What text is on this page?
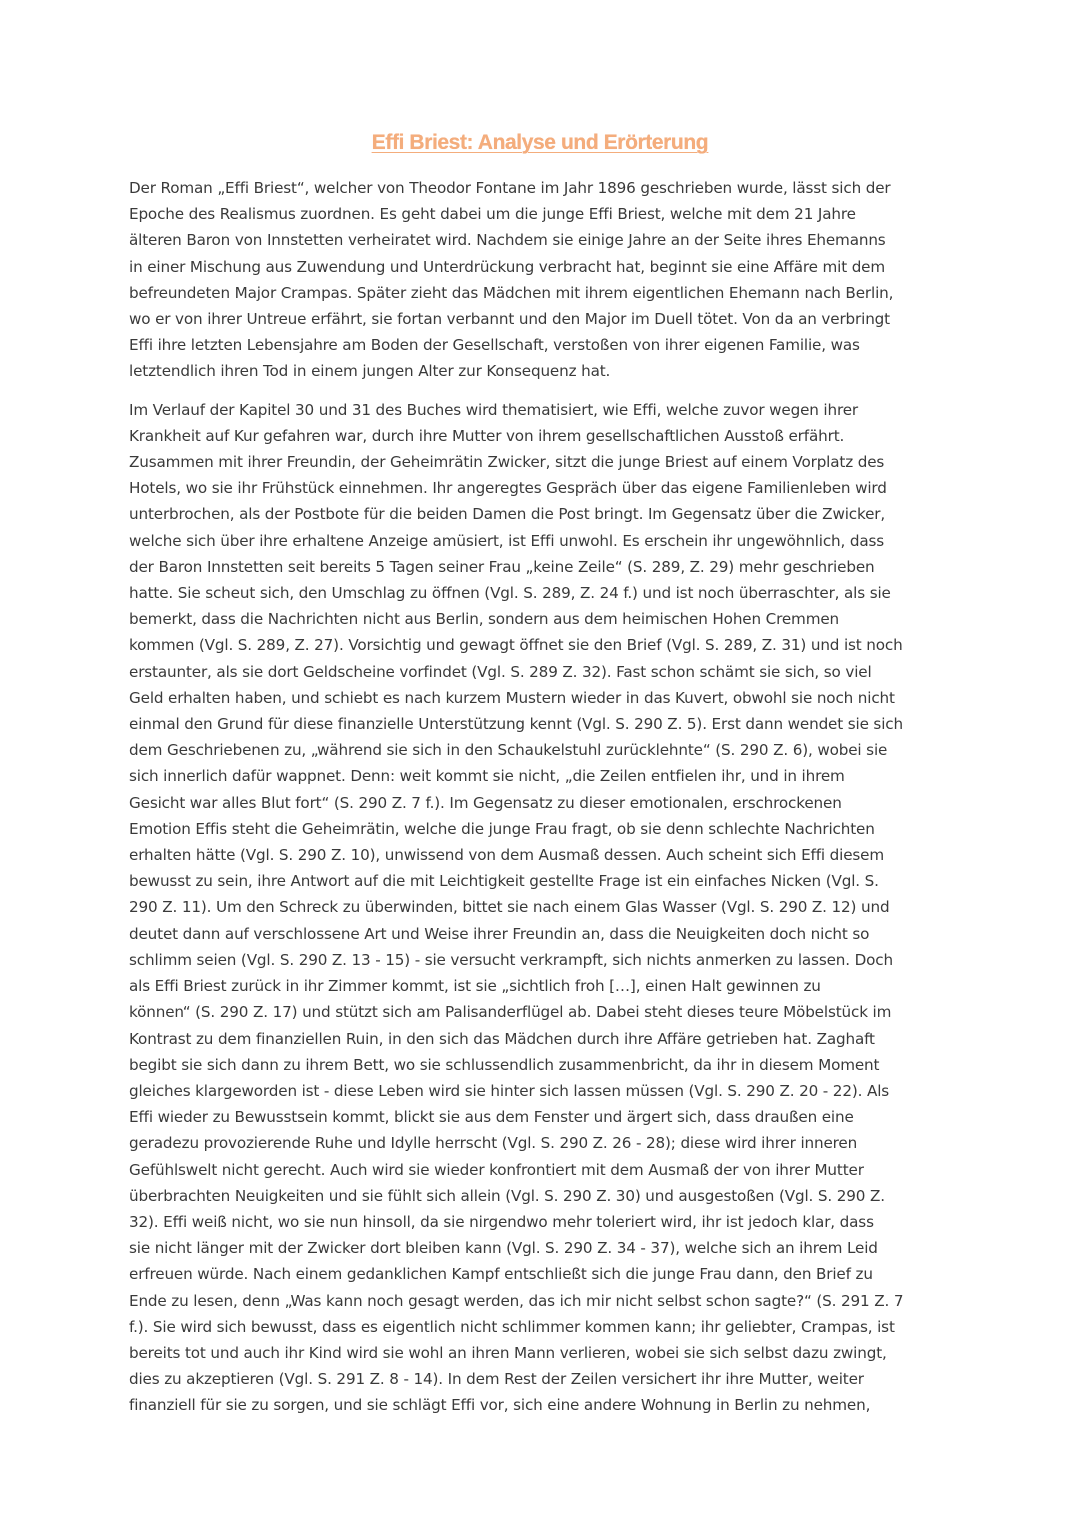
Effi Briest: Analyse und Erörterung
Der Roman „Effi Briest“, welcher von Theodor Fontane im Jahr 1896 geschrieben wurde, lässt sich der
Epoche des Realismus zuordnen. Es geht dabei um die junge Effi Briest, welche mit dem 21 Jahre
älteren Baron von Innstetten verheiratet wird. Nachdem sie einige Jahre an der Seite ihres Ehemanns
in einer Mischung aus Zuwendung und Unterdrückung verbracht hat, beginnt sie eine Affäre mit dem
befreundeten Major Crampas. Später zieht das Mädchen mit ihrem eigentlichen Ehemann nach Berlin,
wo er von ihrer Untreue erfährt, sie fortan verbannt und den Major im Duell tötet. Von da an verbringt
Effi ihre letzten Lebensjahre am Boden der Gesellschaft, verstoßen von ihrer eigenen Familie, was
letztendlich ihren Tod in einem jungen Alter zur Konsequenz hat.
Im Verlauf der Kapitel 30 und 31 des Buches wird thematisiert, wie Effi, welche zuvor wegen ihrer
Krankheit auf Kur gefahren war, durch ihre Mutter von ihrem gesellschaftlichen Ausstoß erfährt.
Zusammen mit ihrer Freundin, der Geheimrätin Zwicker, sitzt die junge Briest auf einem Vorplatz des
Hotels, wo sie ihr Frühstück einnehmen. Ihr angeregtes Gespräch über das eigene Familienleben wird
unterbrochen, als der Postbote für die beiden Damen die Post bringt. Im Gegensatz über die Zwicker,
welche sich über ihre erhaltene Anzeige amüsiert, ist Effi unwohl. Es erschein ihr ungewöhnlich, dass
der Baron Innstetten seit bereits 5 Tagen seiner Frau „keine Zeile“ (S. 289, Z. 29) mehr geschrieben
hatte. Sie scheut sich, den Umschlag zu öffnen (Vgl. S. 289, Z. 24 f.) und ist noch überraschter, als sie
bemerkt, dass die Nachrichten nicht aus Berlin, sondern aus dem heimischen Hohen Cremmen
kommen (Vgl. S. 289, Z. 27). Vorsichtig und gewagt öffnet sie den Brief (Vgl. S. 289, Z. 31) und ist noch
erstaunter, als sie dort Geldscheine vorfindet (Vgl. S. 289 Z. 32). Fast schon schämt sie sich, so viel
Geld erhalten haben, und schiebt es nach kurzem Mustern wieder in das Kuvert, obwohl sie noch nicht
einmal den Grund für diese finanzielle Unterstützung kennt (Vgl. S. 290 Z. 5). Erst dann wendet sie sich
dem Geschriebenen zu, „während sie sich in den Schaukelstuhl zurücklehnte“ (S. 290 Z. 6), wobei sie
sich innerlich dafür wappnet. Denn: weit kommt sie nicht, „die Zeilen entfielen ihr, und in ihrem
Gesicht war alles Blut fort“ (S. 290 Z. 7 f.). Im Gegensatz zu dieser emotionalen, erschrockenen
Emotion Effis steht die Geheimrätin, welche die junge Frau fragt, ob sie denn schlechte Nachrichten
erhalten hätte (Vgl. S. 290 Z. 10), unwissend von dem Ausmaß dessen. Auch scheint sich Effi diesem
bewusst zu sein, ihre Antwort auf die mit Leichtigkeit gestellte Frage ist ein einfaches Nicken (Vgl. S.
290 Z. 11). Um den Schreck zu überwinden, bittet sie nach einem Glas Wasser (Vgl. S. 290 Z. 12) und
deutet dann auf verschlossene Art und Weise ihrer Freundin an, dass die Neuigkeiten doch nicht so
schlimm seien (Vgl. S. 290 Z. 13 - 15) - sie versucht verkrampft, sich nichts anmerken zu lassen. Doch
als Effi Briest zurück in ihr Zimmer kommt, ist sie „sichtlich froh […], einen Halt gewinnen zu
können“ (S. 290 Z. 17) und stützt sich am Palisanderflügel ab. Dabei steht dieses teure Möbelstück im
Kontrast zu dem finanziellen Ruin, in den sich das Mädchen durch ihre Affäre getrieben hat. Zaghaft
begibt sie sich dann zu ihrem Bett, wo sie schlussendlich zusammenbricht, da ihr in diesem Moment
gleiches klargeworden ist - diese Leben wird sie hinter sich lassen müssen (Vgl. S. 290 Z. 20 - 22). Als
Effi wieder zu Bewusstsein kommt, blickt sie aus dem Fenster und ärgert sich, dass draußen eine
geradezu provozierende Ruhe und Idylle herrscht (Vgl. S. 290 Z. 26 - 28); diese wird ihrer inneren
Gefühlswelt nicht gerecht. Auch wird sie wieder konfrontiert mit dem Ausmaß der von ihrer Mutter
überbrachten Neuigkeiten und sie fühlt sich allein (Vgl. S. 290 Z. 30) und ausgestoßen (Vgl. S. 290 Z.
32). Effi weiß nicht, wo sie nun hinsoll, da sie nirgendwo mehr toleriert wird, ihr ist jedoch klar, dass
sie nicht länger mit der Zwicker dort bleiben kann (Vgl. S. 290 Z. 34 - 37), welche sich an ihrem Leid
erfreuen würde. Nach einem gedanklichen Kampf entschließt sich die junge Frau dann, den Brief zu
Ende zu lesen, denn „Was kann noch gesagt werden, das ich mir nicht selbst schon sagte?“ (S. 291 Z. 7
f.). Sie wird sich bewusst, dass es eigentlich nicht schlimmer kommen kann; ihr geliebter, Crampas, ist
bereits tot und auch ihr Kind wird sie wohl an ihren Mann verlieren, wobei sie sich selbst dazu zwingt,
dies zu akzeptieren (Vgl. S. 291 Z. 8 - 14). In dem Rest der Zeilen versichert ihr ihre Mutter, weiter
finanziell für sie zu sorgen, und sie schlägt Effi vor, sich eine andere Wohnung in Berlin zu nehmen,
